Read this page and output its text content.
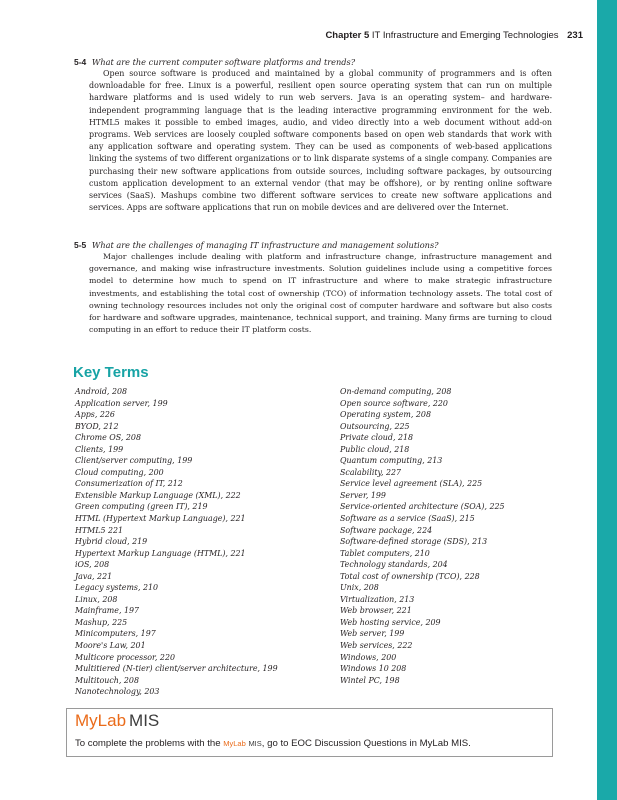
Chapter 5 IT Infrastructure and Emerging Technologies 231
5-4 What are the current computer software platforms and trends?

Open source software is produced and maintained by a global community of programmers and is often downloadable for free. Linux is a powerful, resilient open source operating system that can run on multiple hardware platforms and is used widely to run web servers. Java is an operating system– and hardware-independent programming language that is the leading interactive programming environment for the web. HTML5 makes it possible to embed images, audio, and video directly into a web document without add-on programs. Web services are loosely coupled software components based on open web standards that work with any application software and operating system. They can be used as components of web-based applications linking the systems of two different organizations or to link disparate systems of a single company. Companies are purchasing their new software applications from outside sources, including software packages, by outsourcing custom application development to an external vendor (that may be offshore), or by renting online software services (SaaS). Mashups combine two different software services to create new software applications and services. Apps are software applications that run on mobile devices and are delivered over the Internet.

5-5 What are the challenges of managing IT infrastructure and management solutions?

Major challenges include dealing with platform and infrastructure change, infrastructure management and governance, and making wise infrastructure investments. Solution guidelines include using a competitive forces model to determine how much to spend on IT infrastructure and where to make strategic infrastructure investments, and establishing the total cost of ownership (TCO) of information technology assets. The total cost of owning technology resources includes not only the original cost of computer hardware and software but also costs for hardware and software upgrades, maintenance, technical support, and training. Many firms are turning to cloud computing in an effort to reduce their IT platform costs.

Key Terms
Android, 208
Application server, 199
Apps, 226
BYOD, 212
Chrome OS, 208
Clients, 199
Client/server computing, 199
Cloud computing, 200
Consumerization of IT, 212
Extensible Markup Language (XML), 222
Green computing (green IT), 219
HTML (Hypertext Markup Language), 221
HTML5 221
Hybrid cloud, 219
Hypertext Markup Language (HTML), 221
iOS, 208
Java, 221
Legacy systems, 210
Linux, 208
Mainframe, 197
Mashup, 225
Minicomputers, 197
Moore's Law, 201
Multicore processor, 220
Multitiered (N-tier) client/server architecture, 199
Multitouch, 208
Nanotechnology, 203
On-demand computing, 208
Open source software, 220
Operating system, 208
Outsourcing, 225
Private cloud, 218
Public cloud, 218
Quantum computing, 213
Scalability, 227
Service level agreement (SLA), 225
Server, 199
Service-oriented architecture (SOA), 225
Software as a service (SaaS), 215
Software package, 224
Software-defined storage (SDS), 213
Tablet computers, 210
Technology standards, 204
Total cost of ownership (TCO), 228
Unix, 208
Virtualization, 213
Web browser, 221
Web hosting service, 209
Web server, 199
Web services, 222
Windows, 200
Windows 10 208
Wintel PC, 198
MyLab MIS
To complete the problems with the MyLab MIS, go to EOC Discussion Questions in MyLab MIS.
